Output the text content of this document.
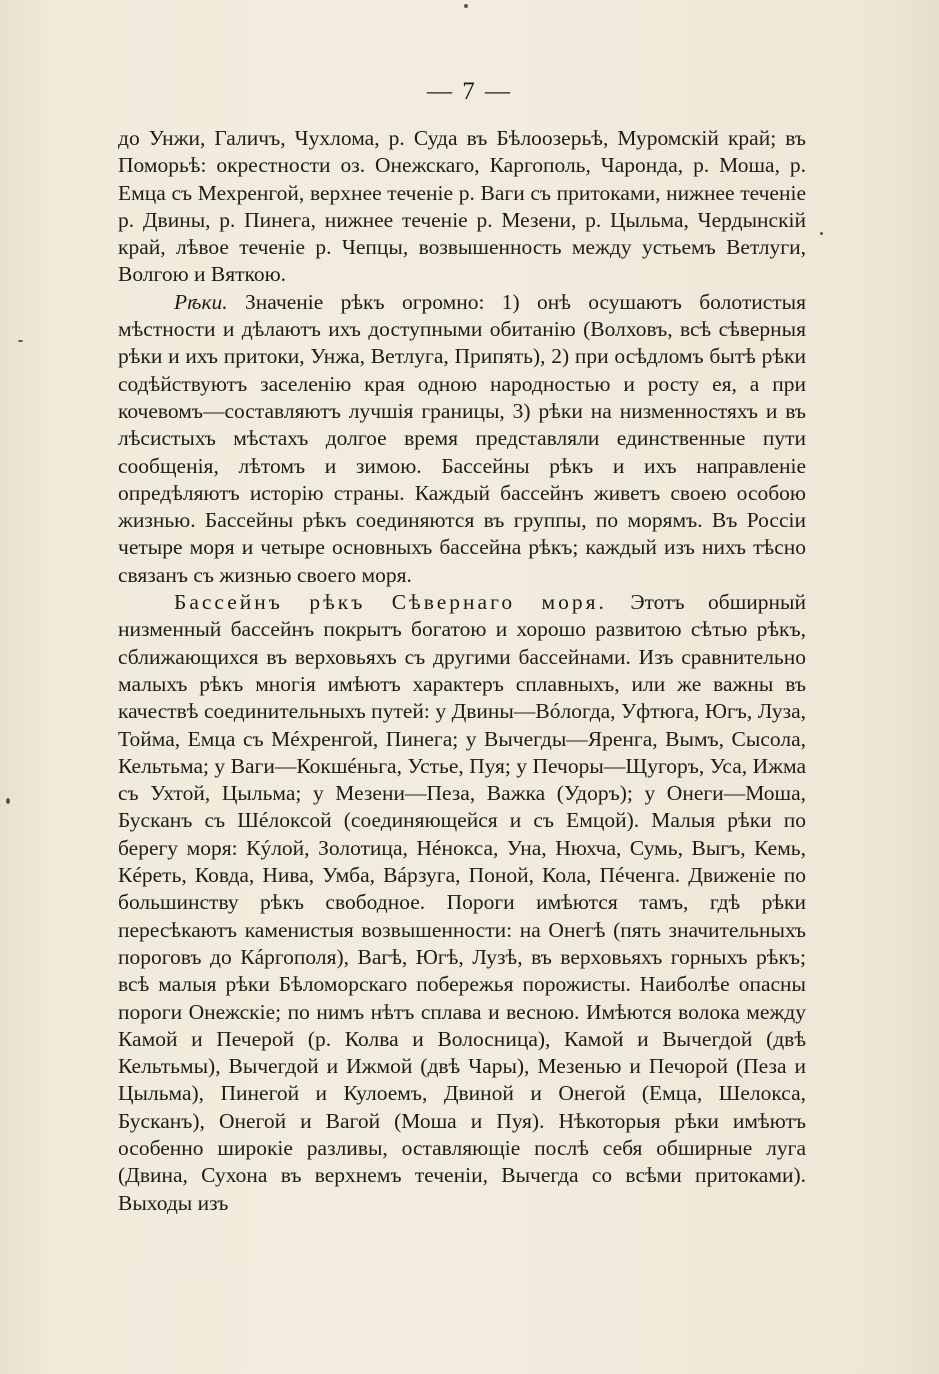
— 7 —

до Унжи, Галичъ, Чухлома, р. Суда въ Бѣлоозерьѣ, Муромскій край; въ Поморьѣ: окрестности оз. Онежскаго, Каргополь, Чаронда, р. Моша, р. Емца съ Мехренгой, верхнее теченіе р. Ваги съ притоками, нижнее теченіе р. Двины, р. Пинега, нижнее теченіе р. Мезени, р. Цыльма, Чердынскій край, лѣвое теченіе р. Чепцы, возвышенность между устьемъ Ветлуги, Волгою и Вяткою.

Рѣки. Значеніе рѣкъ огромно: 1) онѣ осушаютъ болотистыя мѣстности и дѣлаютъ ихъ доступными обитанію (Волховъ, всѣ сѣверныя рѣки и ихъ притоки, Унжа, Ветлуга, Припять), 2) при осѣдломъ бытѣ рѣки содѣйствуютъ заселенію края одною народностью и росту ея, а при кочевомъ—составляютъ лучшія границы, 3) рѣки на низменностяхъ и въ лѣсистыхъ мѣстахъ долгое время представляли единственные пути сообщенія, лѣтомъ и зимою. Бассейны рѣкъ и ихъ направленіе опредѣляютъ исторію страны. Каждый бассейнъ живетъ своею особою жизнью. Бассейны рѣкъ соединяются въ группы, по морямъ. Въ Россіи четыре моря и четыре основныхъ бассейна рѣкъ; каждый изъ нихъ тѣсно связанъ съ жизнью своего моря.

Бассейнъ рѣкъ Сѣвернаго моря. Этотъ обширный низменный бассейнъ покрытъ богатою и хорошо развитою сѣтью рѣкъ, сближающихся въ верховьяхъ съ другими бассейнами. Изъ сравнительно малыхъ рѣкъ многія имѣютъ характеръ сплавныхъ, или же важны въ качествѣ соединительныхъ путей: у Двины—Вóлогда, Уфтюга, Югъ, Луза, Тойма, Емца съ Мéхренгой, Пинега; у Вычегды—Яренга, Вымъ, Сысола, Кельтьма; у Ваги—Кокшéньга, Устье, Пуя; у Печоры—Щугоръ, Уса, Ижма съ Ухтой, Цыльма; у Мезени—Пеза, Важка (Удоръ); у Онеги—Моша, Бусканъ съ Шéлоксой (соединяющейся и съ Емцой). Малыя рѣки по берегу моря: Кýлой, Золотица, Нéнокса, Уна, Нюхча, Сумь, Выгъ, Кемь, Кéреть, Ковда, Нива, Умба, Вáрзуга, Поной, Кола, Пéченга. Движеніе по большинству рѣкъ свободное. Пороги имѣются тамъ, гдѣ рѣки пересѣкаютъ каменистыя возвышенности: на Онегѣ (пять значительныхъ пороговъ до Кáргополя), Вагѣ, Югѣ, Лузѣ, въ верховьяхъ горныхъ рѣкъ; всѣ малыя рѣки Бѣломорскаго побережья порожисты. Наиболѣе опасны пороги Онежскіе; по нимъ нѣтъ сплава и весною. Имѣются волока между Камой и Печерой (р. Колва и Волосница), Камой и Вычегдой (двѣ Кельтьмы), Вычегдой и Ижмой (двѣ Чары), Мезенью и Печорой (Пеза и Цыльма), Пинегой и Кулоемъ, Двиной и Онегой (Емца, Шелокса, Бусканъ), Онегой и Вагой (Моша и Пуя). Нѣкоторыя рѣки имѣютъ особенно широкіе разливы, оставляющіе послѣ себя обширные луга (Двина, Сухона въ верхнемъ теченіи, Вычегда со всѣми притоками). Выходы изъ
